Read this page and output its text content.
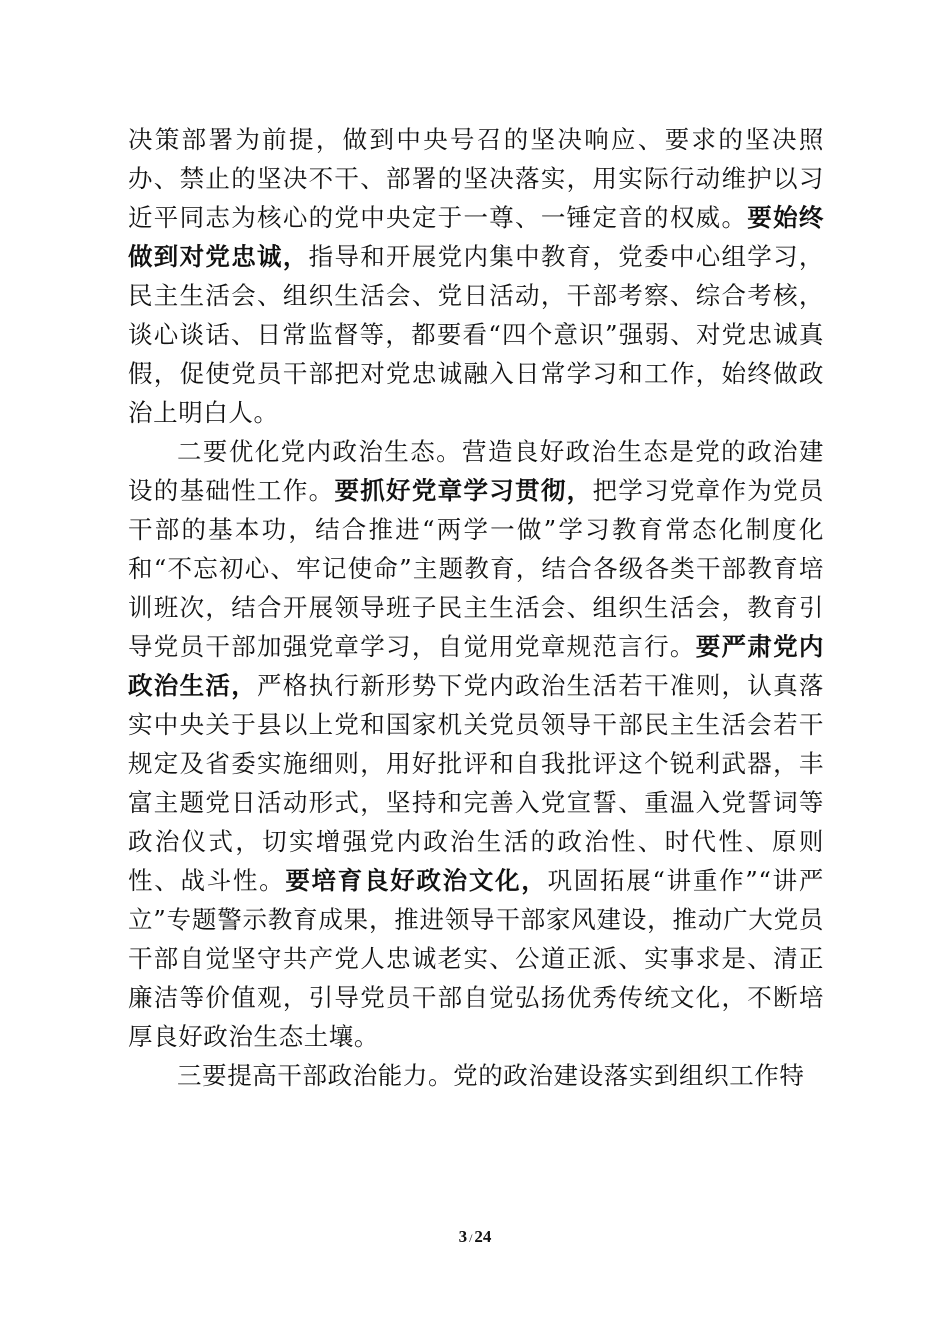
决策部署为前提，做到中央号召的坚决响应、要求的坚决照办、禁止的坚决不干、部署的坚决落实，用实际行动维护以习近平同志为核心的党中央定于一尊、一锤定音的权威。要始终做到对党忠诚，指导和开展党内集中教育，党委中心组学习，民主生活会、组织生活会、党日活动，干部考察、综合考核，谈心谈话、日常监督等，都要看“四个意识”强弱、对党忠诚真假，促使党员干部把对党忠诚融入日常学习和工作，始终做政治上明白人。

二要优化党内政治生态。营造良好政治生态是党的政治建设的基础性工作。要抓好党章学习贯彻，把学习党章作为党员干部的基本功，结合推进“两学一做”学习教育常态化制度化和“不忘初心、牢记使命”主题教育，结合各级各类干部教育培训班次，结合开展领导班子民主生活会、组织生活会，教育引导党员干部加强党章学习，自觉用党章规范言行。要严肃党内政治生活，严格执行新形势下党内政治生活若干准则，认真落实中央关于县以上党和国家机关党员领导干部民主生活会若干规定及省委实施细则，用好批评和自我批评这个锐利武器，丰富主题党日活动形式，坚持和完善入党宣誓、重温入党誓词等政治仪式，切实增强党内政治生活的政治性、时代性、原则性、战斗性。要培育良好政治文化，巩固拓展“讲重作”“讲严立”专题警示教育成果，推进领导干部家风建设，推动广大党员干部自觉坚守共产党人忠诚老实、公道正派、实事求是、清正廉洁等价值观，引导党员干部自觉弘扬优秀传统文化，不断培厚良好政治生态土壤。

三要提高干部政治能力。党的政治建设落实到组织工作特

3 / 24
